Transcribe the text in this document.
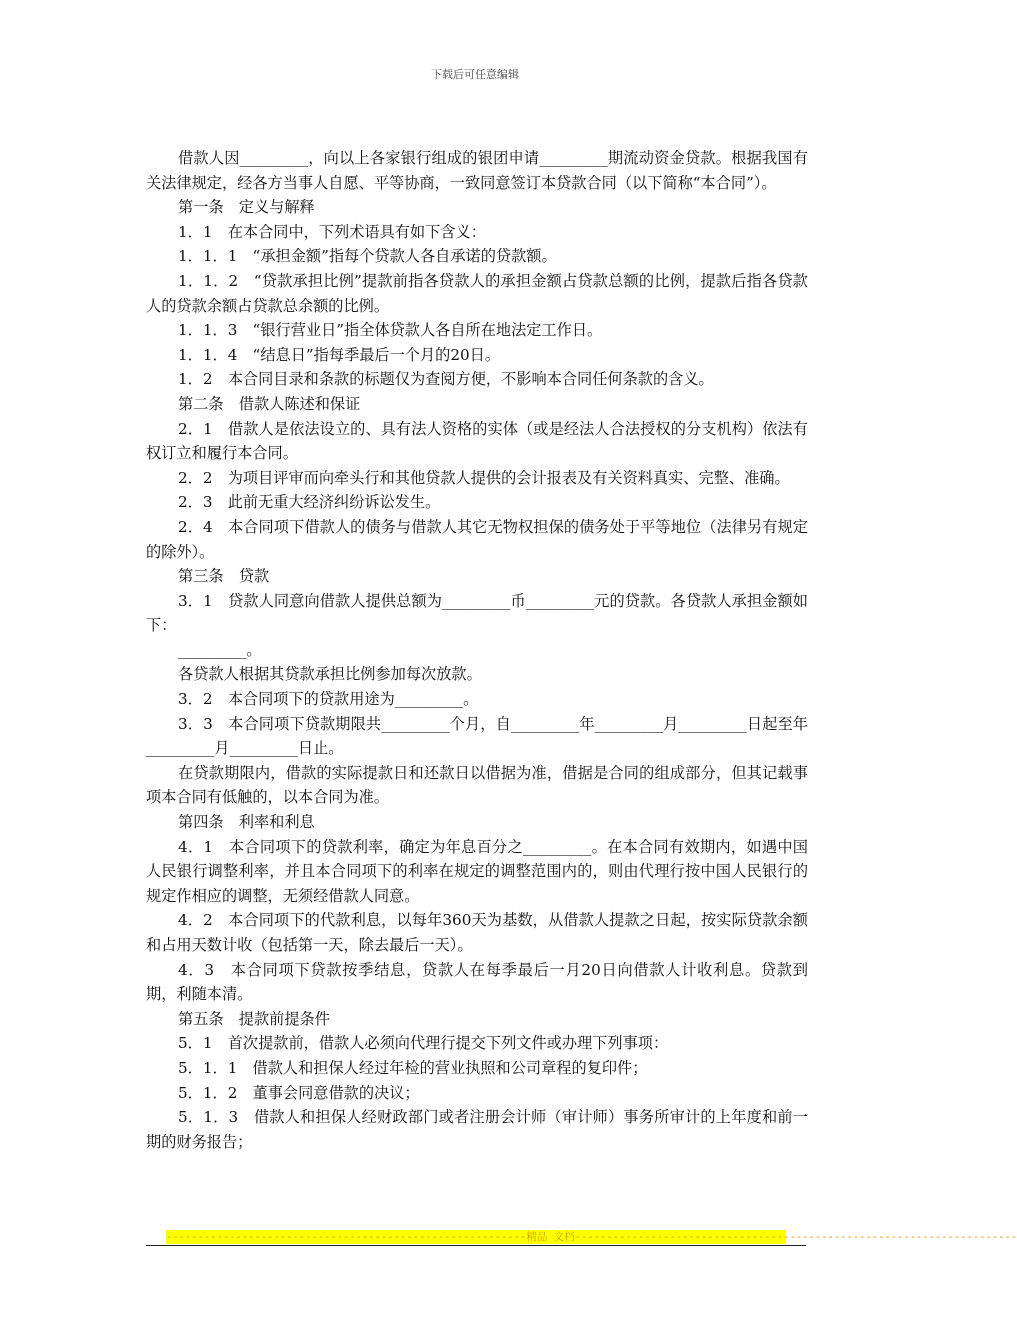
下载后可任意编辑

借款人因_________，向以上各家银行组成的银团申请_________期流动资金贷款。根据我国有关法律规定，经各方当事人自愿、平等协商，一致同意签订本贷款合同（以下简称“本合同”）。

第一条　定义与解释

1．1　在本合同中，下列术语具有如下含义：

1．1．1　“承担金额”指每个贷款人各自承诺的贷款额。

1．1．2　“贷款承担比例”提款前指各贷款人的承担金额占贷款总额的比例，提款后指各贷款人的贷款余额占贷款总余额的比例。

1．1．3　“银行营业日”指全体贷款人各自所在地法定工作日。

1．1．4　“结息日”指每季最后一个月的20日。

1．2　本合同目录和条款的标题仅为查阅方便，不影响本合同任何条款的含义。

第二条　借款人陈述和保证

2．1　借款人是依法设立的、具有法人资格的实体（或是经法人合法授权的分支机构）依法有权订立和履行本合同。

2．2　为项目评审而向牵头行和其他贷款人提供的会计报表及有关资料真实、完整、准确。

2．3　此前无重大经济纠纷诉讼发生。

2．4　本合同项下借款人的债务与借款人其它无物权担保的债务处于平等地位（法律另有规定的除外）。

第三条　贷款

3．1　贷款人同意向借款人提供总额为_________币_________元的贷款。各贷款人承担金额如下：

_________。

各贷款人根据其贷款承担比例参加每次放款。

3．2　本合同项下的贷款用途为_________。

3．3　本合同项下贷款期限共_________个月，自_________年_________月_________日起至年_________月_________日止。

在贷款期限内，借款的实际提款日和还款日以借据为准，借据是合同的组成部分，但其记载事项本合同有低触的，以本合同为准。

第四条　利率和利息

4．1　本合同项下的贷款利率，确定为年息百分之_________。在本合同有效期内，如遇中国人民银行调整利率，并且本合同项下的利率在规定的调整范围内的，则由代理行按中国人民银行的规定作相应的调整，无须经借款人同意。

4．2　本合同项下的代款利息，以每年360天为基数，从借款人提款之日起，按实际贷款余额和占用天数计收（包括第一天，除去最后一天）。

4．3　本合同项下贷款按季结息，贷款人在每季最后一月20日向借款人计收利息。贷款到期，利随本清。

第五条　提款前提条件

5．1　首次提款前，借款人必须向代理行提交下列文件或办理下列事项：

5．1．1　借款人和担保人经过年检的营业执照和公司章程的复印件；

5．1．2　董事会同意借款的决议；

5．1．3　借款人和担保人经财政部门或者注册会计师（审计师）事务所审计的上年度和前一期的财务报告；

---------------------------------------------------------精品 文档----------------------------------------------------------------------
